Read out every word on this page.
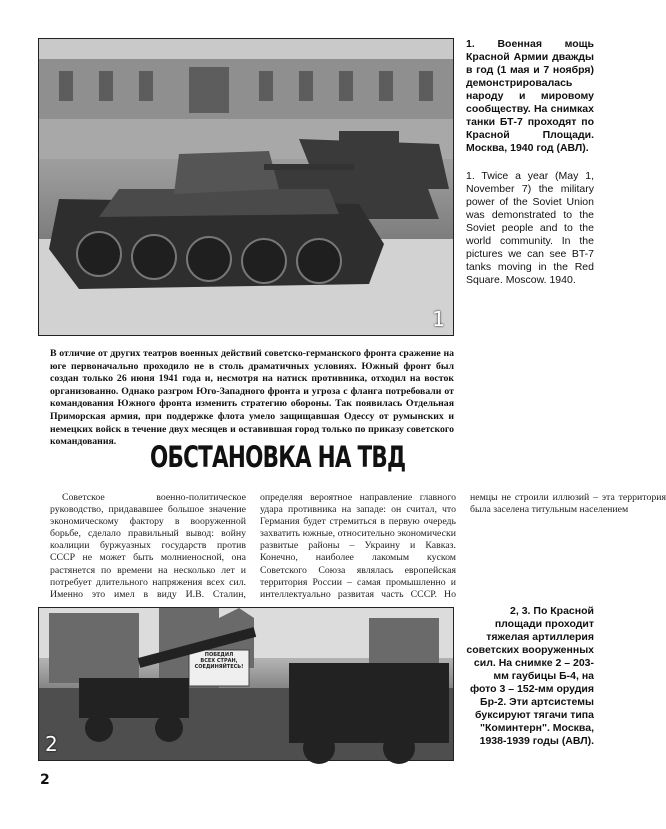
1

1. Военная мощь Красной Армии дважды в год (1 мая и 7 ноября) демонстрировалась народу и мировому сообществу. На снимках танки БТ-7 проходят по Красной Площади. Москва, 1940 год (АВЛ).

1. Twice a year (May 1, November 7) the military power of the Soviet Union was demonstrated to the Soviet people and to the world community. In the pictures we can see BT-7 tanks moving in the Red Square. Moscow. 1940.

В отличие от других театров военных действий советско-германского фронта сражение на юге первоначально проходило не в столь драматичных условиях. Южный фронт был создан только 26 июня 1941 года и, несмотря на натиск противника, отходил на восток организованно. Однако разгром Юго-Западного фронта и угроза с фланга потребовали от командования Южного фронта изменить стратегию обороны. Так появилась Отдельная Приморская армия, при поддержке флота умело защищавшая Одессу от румынских и немецких войск в течение двух месяцев и оставившая город только по приказу советского командования.	ОБСТАНОВКА НА ТВД

Советское военно-политическое руководство, придававшее большое значение экономическому фактору в вооруженной борьбе, сделало правильный вывод: войну коалиции буржуазных государств против СССР не может быть молниеносной, она растянется по времени на несколько лет и потребует длительного напряжения всех сил. Именно это имел в виду И.В. Сталин, определяя вероятное направление главного удара противника на западе: он считал, что Германия будет стремиться в первую очередь захватить южные, относительно экономически развитые районы – Украину и Кавказ. Конечно, наиболее лакомым куском Советского Союза являлась европейская территория России – самая промышленно и интеллектуально развитая часть СССР. Но немцы не строили иллюзий – эта территория была заселена титульным населением

2
ПОБЕДИЛ
ВСЕХ СТРАН,
СОЕДИНЯЙТЕСЬ!

2, 3. По Красной площади проходит тяжелая артиллерия советских вооруженных сил. На снимке 2 – 203-мм гаубицы Б-4, на фото 3 – 152-мм орудия Бр-2. Эти артсистемы буксируют тягачи типа "Коминтерн". Москва, 1938-1939 годы (АВЛ).

2
